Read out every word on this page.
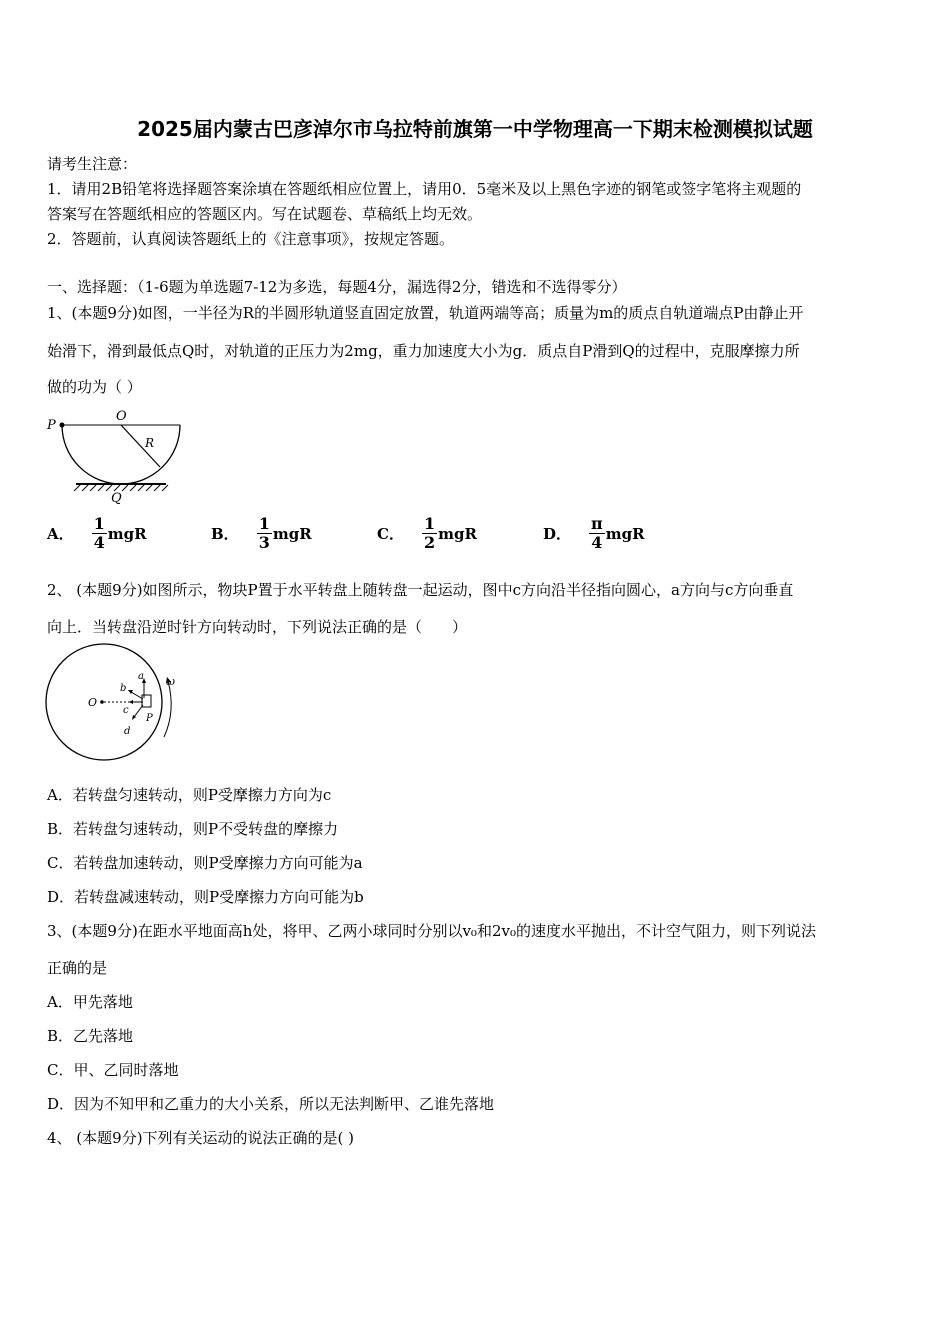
2025届内蒙古巴彦淖尔市乌拉特前旗第一中学物理高一下期末检测模拟试题
请考生注意：
1．请用2B铅笔将选择题答案涂填在答题纸相应位置上，请用0．5毫米及以上黑色字迹的钢笔或签字笔将主观题的
答案写在答题纸相应的答题区内。写在试题卷、草稿纸上均无效。
2．答题前，认真阅读答题纸上的《注意事项》，按规定答题。
一、选择题：（1-6题为单选题7-12为多选，每题4分，漏选得2分，错选和不选得零分）
1、(本题9分)如图，一半径为R的半圆形轨道竖直固定放置，轨道两端等高；质量为m的质点自轨道端点P由静止开
始滑下，滑到最低点Q时，对轨道的正压力为2mg，重力加速度大小为g．质点自P滑到Q的过程中，克服摩擦力所
做的功为（ ）
P
O
R
Q
A． $\frac{1}{4}$ mgR	B． $\frac{1}{3}$ mgR	C． $\frac{1}{2}$ mgR	D． $\frac{\pi}{4}$ mgR
2、 (本题9分)如图所示，物块P置于水平转盘上随转盘一起运动，图中c方向沿半径指向圆心，a方向与c方向垂直
向上．当转盘沿逆时针方向转动时，下列说法正确的是（　　）
O
a
b
c
d
P
ω
A．若转盘匀速转动，则P受摩擦力方向为c
B．若转盘匀速转动，则P不受转盘的摩擦力
C．若转盘加速转动，则P受摩擦力方向可能为a
D．若转盘减速转动，则P受摩擦力方向可能为b
3、(本题9分)在距水平地面高h处，将甲、乙两小球同时分别以v₀和2v₀的速度水平抛出，不计空气阻力，则下列说法
正确的是
A．甲先落地
B．乙先落地
C．甲、乙同时落地
D．因为不知甲和乙重力的大小关系，所以无法判断甲、乙谁先落地
4、 (本题9分)下列有关运动的说法正确的是( )
